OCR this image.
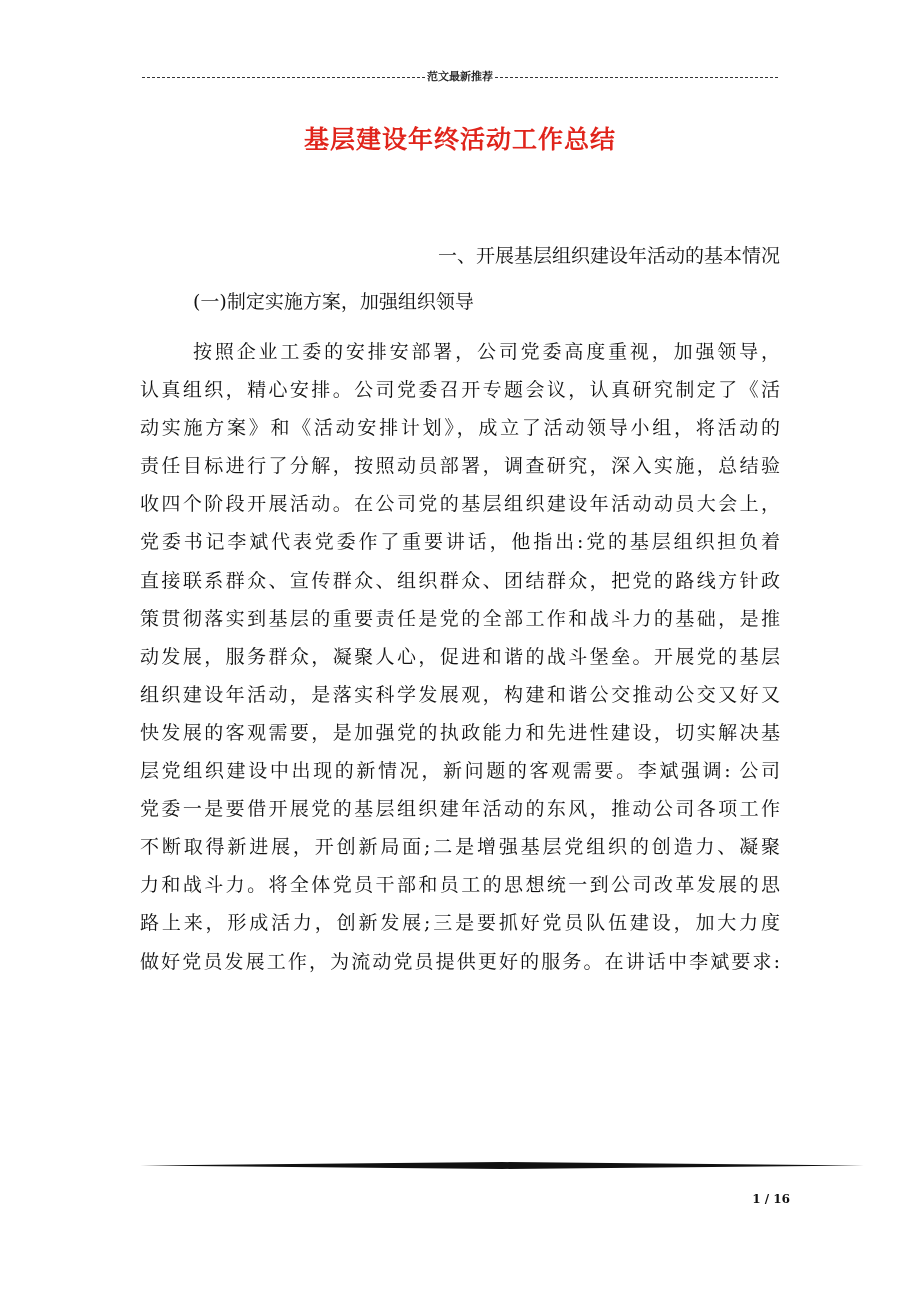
范文最新推荐
基层建设年终活动工作总结
一、开展基层组织建设年活动的基本情况
(一)制定实施方案，加强组织领导
按照企业工委的安排安部署，公司党委高度重视，加强领导，
认真组织，精心安排。公司党委召开专题会议，认真研究制定了《活
动实施方案》和《活动安排计划》，成立了活动领导小组，将活动的
责任目标进行了分解，按照动员部署，调查研究，深入实施，总结验
收四个阶段开展活动。在公司党的基层组织建设年活动动员大会上，
党委书记李斌代表党委作了重要讲话，他指出:党的基层组织担负着
直接联系群众、宣传群众、组织群众、团结群众，把党的路线方针政
策贯彻落实到基层的重要责任是党的全部工作和战斗力的基础，是推
动发展，服务群众，凝聚人心，促进和谐的战斗堡垒。开展党的基层
组织建设年活动，是落实科学发展观，构建和谐公交推动公交又好又
快发展的客观需要，是加强党的执政能力和先进性建设，切实解决基
层党组织建设中出现的新情况，新问题的客观需要。李斌强调: 公司
党委一是要借开展党的基层组织建年活动的东风，推动公司各项工作
不断取得新进展，开创新局面;二是增强基层党组织的创造力、凝聚
力和战斗力。将全体党员干部和员工的思想统一到公司改革发展的思
路上来，形成活力，创新发展;三是要抓好党员队伍建设，加大力度
做好党员发展工作，为流动党员提供更好的服务。在讲话中李斌要求:
1 / 16
